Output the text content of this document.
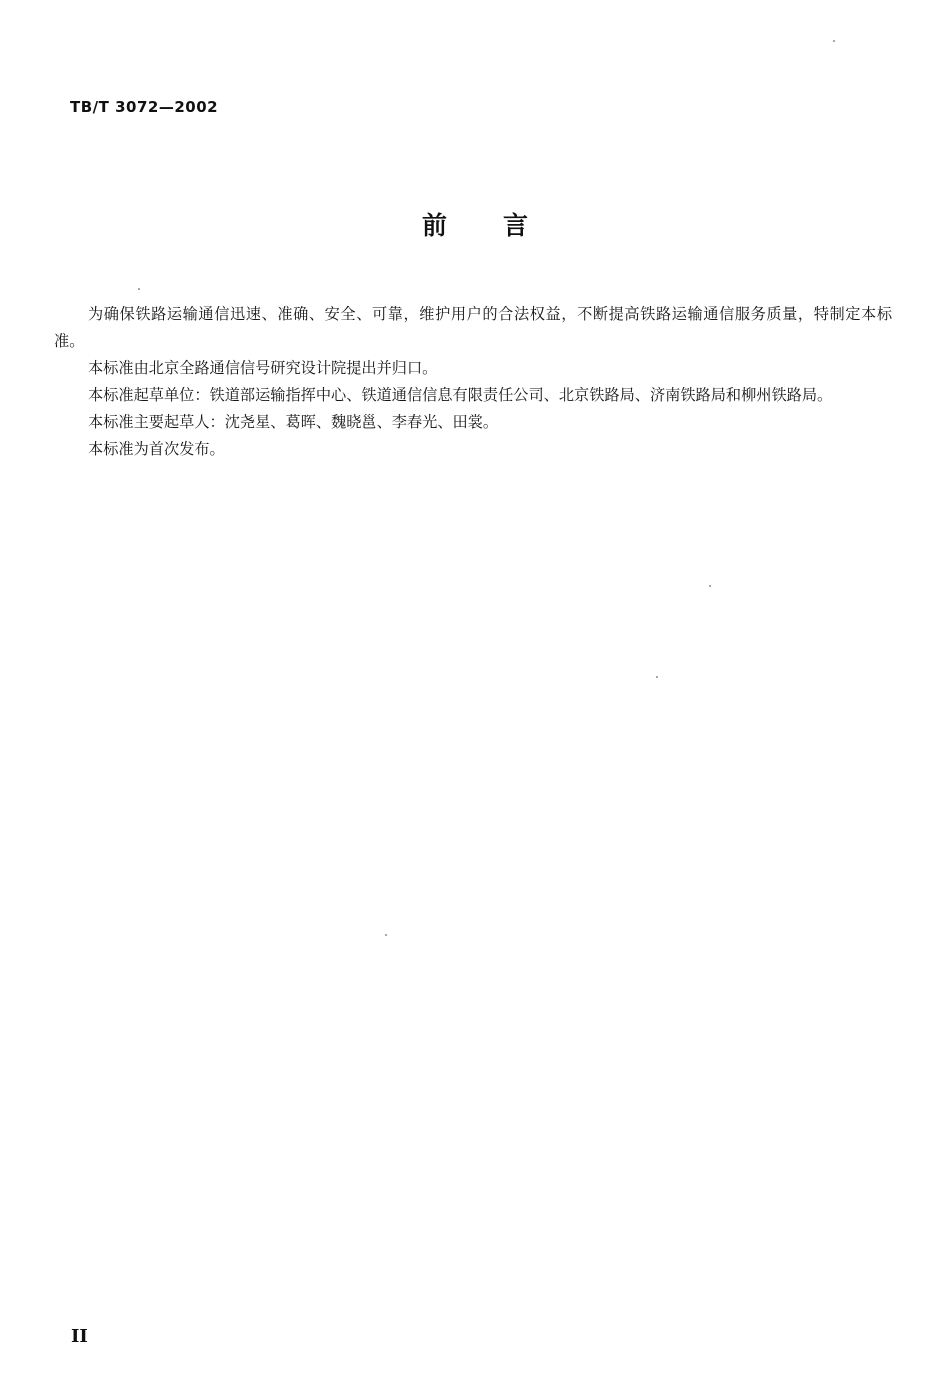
TB/T 3072—2002
前言

为确保铁路运输通信迅速、准确、安全、可靠，维护用户的合法权益，不断提高铁路运输通信服务质量，特制定本标准。

本标准由北京全路通信信号研究设计院提出并归口。

本标准起草单位：铁道部运输指挥中心、铁道通信信息有限责任公司、北京铁路局、济南铁路局和柳州铁路局。

本标准主要起草人：沈尧星、葛晖、魏晓邕、李春光、田裳。

本标准为首次发布。

II
